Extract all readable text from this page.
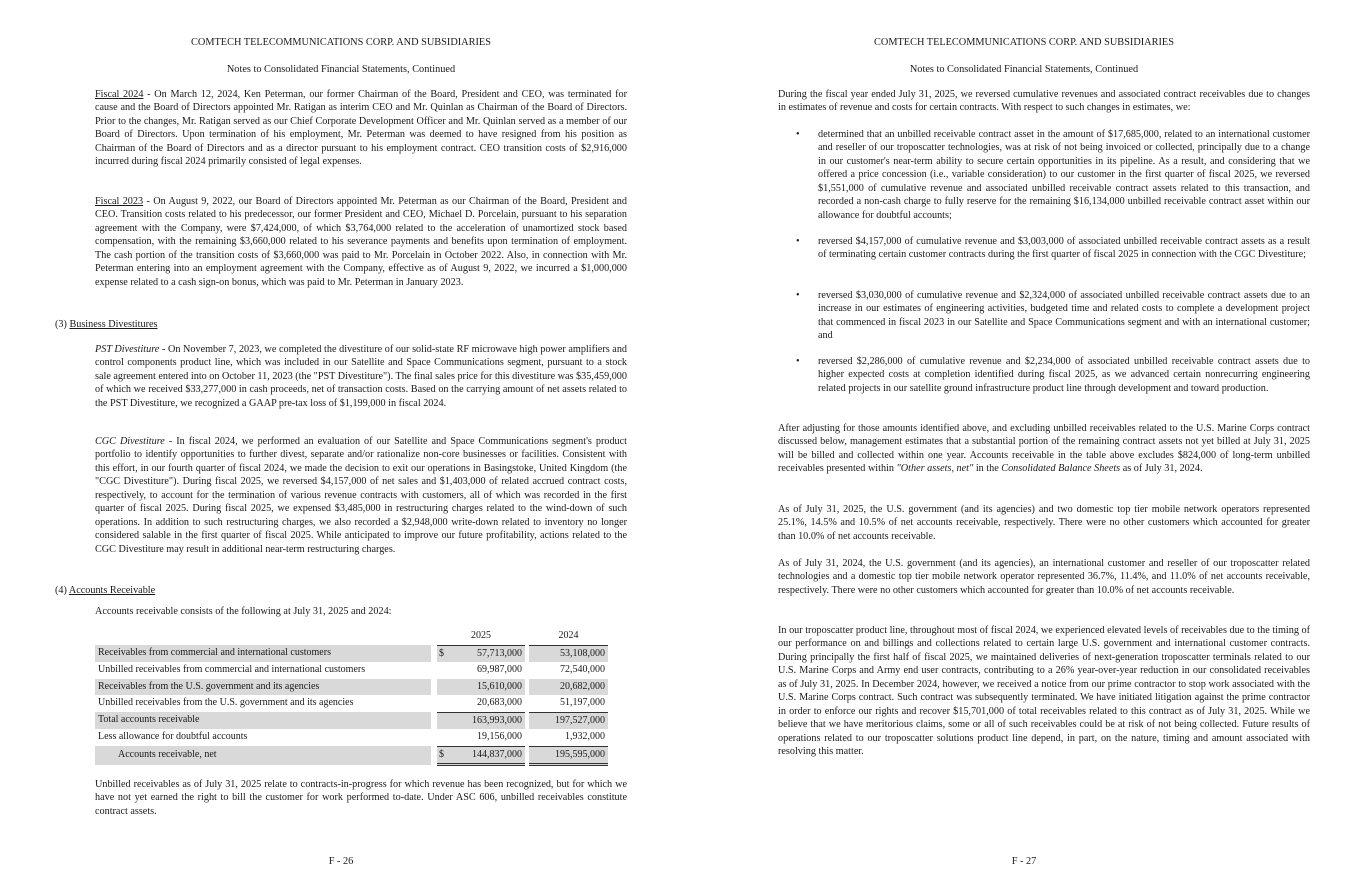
COMTECH TELECOMMUNICATIONS CORP. AND SUBSIDIARIES
Notes to Consolidated Financial Statements, Continued

Fiscal 2024 - On March 12, 2024, Ken Peterman, our former Chairman of the Board, President and CEO, was terminated for cause and the Board of Directors appointed Mr. Ratigan as interim CEO and Mr. Quinlan as Chairman of the Board of Directors. Prior to the changes, Mr. Ratigan served as our Chief Corporate Development Officer and Mr. Quinlan served as a member of our Board of Directors. Upon termination of his employment, Mr. Peterman was deemed to have resigned from his position as Chairman of the Board of Directors and as a director pursuant to his employment contract. CEO transition costs of $2,916,000 incurred during fiscal 2024 primarily consisted of legal expenses.

Fiscal 2023 - On August 9, 2022, our Board of Directors appointed Mr. Peterman as our Chairman of the Board, President and CEO. Transition costs related to his predecessor, our former President and CEO, Michael D. Porcelain, pursuant to his separation agreement with the Company, were $7,424,000, of which $3,764,000 related to the acceleration of unamortized stock based compensation, with the remaining $3,660,000 related to his severance payments and benefits upon termination of employment. The cash portion of the transition costs of $3,660,000 was paid to Mr. Porcelain in October 2022. Also, in connection with Mr. Peterman entering into an employment agreement with the Company, effective as of August 9, 2022, we incurred a $1,000,000 expense related to a cash sign-on bonus, which was paid to Mr. Peterman in January 2023.

(3) Business Divestitures

PST Divestiture - On November 7, 2023, we completed the divestiture of our solid-state RF microwave high power amplifiers and control components product line, which was included in our Satellite and Space Communications segment, pursuant to a stock sale agreement entered into on October 11, 2023 (the "PST Divestiture"). The final sales price for this divestiture was $35,459,000 of which we received $33,277,000 in cash proceeds, net of transaction costs. Based on the carrying amount of net assets related to the PST Divestiture, we recognized a GAAP pre-tax loss of $1,199,000 in fiscal 2024.

CGC Divestiture - In fiscal 2024, we performed an evaluation of our Satellite and Space Communications segment's product portfolio to identify opportunities to further divest, separate and/or rationalize non-core businesses or facilities. Consistent with this effort, in our fourth quarter of fiscal 2024, we made the decision to exit our operations in Basingstoke, United Kingdom (the "CGC Divestiture"). During fiscal 2025, we reversed $4,157,000 of net sales and $1,403,000 of related accrued contract costs, respectively, to account for the termination of various revenue contracts with customers, all of which was recorded in the first quarter of fiscal 2025. During fiscal 2025, we expensed $3,485,000 in restructuring charges related to the wind-down of such operations. In addition to such restructuring charges, we also recorded a $2,948,000 write-down related to inventory no longer considered salable in the first quarter of fiscal 2025. While anticipated to improve our future profitability, actions related to the CGC Divestiture may result in additional near-term restructuring charges.

(4) Accounts Receivable
Accounts receivable consists of the following at July 31, 2025 and 2024:
		2025			2024
Receivables from commercial and international customers		$	57,713,000		53,108,000
Unbilled receivables from commercial and international customers			69,987,000		72,540,000
Receivables from the U.S. government and its agencies			15,610,000		20,682,000
Unbilled receivables from the U.S. government and its agencies			20,683,000		51,197,000
Total accounts receivable			163,993,000		197,527,000
Less allowance for doubtful accounts			19,156,000		1,932,000
Accounts receivable, net		$	144,837,000		195,595,000
Unbilled receivables as of July 31, 2025 relate to contracts-in-progress for which revenue has been recognized, but for which we have not yet earned the right to bill the customer for work performed to-date. Under ASC 606, unbilled receivables constitute contract assets.
F - 26
COMTECH TELECOMMUNICATIONS CORP. AND SUBSIDIARIES
Notes to Consolidated Financial Statements, Continued
During the fiscal year ended July 31, 2025, we reversed cumulative revenues and associated contract receivables due to changes in estimates of revenue and costs for certain contracts. With respect to such changes in estimates, we:
• determined that an unbilled receivable contract asset in the amount of $17,685,000, related to an international customer and reseller of our troposcatter technologies, was at risk of not being invoiced or collected, principally due to a change in our customer's near-term ability to secure certain opportunities in its pipeline. As a result, and considering that we offered a price concession (i.e., variable consideration) to our customer in the first quarter of fiscal 2025, we reversed $1,551,000 of cumulative revenue and associated unbilled receivable contract assets related to this transaction, and recorded a non-cash charge to fully reserve for the remaining $16,134,000 unbilled receivable contract asset within our allowance for doubtful accounts;
• reversed $4,157,000 of cumulative revenue and $3,003,000 of associated unbilled receivable contract assets as a result of terminating certain customer contracts during the first quarter of fiscal 2025 in connection with the CGC Divestiture;
• reversed $3,030,000 of cumulative revenue and $2,324,000 of associated unbilled receivable contract assets due to an increase in our estimates of engineering activities, budgeted time and related costs to complete a development project that commenced in fiscal 2023 in our Satellite and Space Communications segment and with an international customer; and
• reversed $2,286,000 of cumulative revenue and $2,234,000 of associated unbilled receivable contract assets due to higher expected costs at completion identified during fiscal 2025, as we advanced certain nonrecurring engineering related projects in our satellite ground infrastructure product line through development and toward production.

After adjusting for those amounts identified above, and excluding unbilled receivables related to the U.S. Marine Corps contract discussed below, management estimates that a substantial portion of the remaining contract assets not yet billed at July 31, 2025 will be billed and collected within one year. Accounts receivable in the table above excludes $824,000 of long-term unbilled receivables presented within "Other assets, net" in the Consolidated Balance Sheets as of July 31, 2024.

As of July 31, 2025, the U.S. government (and its agencies) and two domestic top tier mobile network operators represented 25.1%, 14.5% and 10.5% of net accounts receivable, respectively. There were no other customers which accounted for greater than 10.0% of net accounts receivable.
As of July 31, 2024, the U.S. government (and its agencies), an international customer and reseller of our troposcatter related technologies and a domestic top tier mobile network operator represented 36.7%, 11.4%, and 11.0% of net accounts receivable, respectively. There were no other customers which accounted for greater than 10.0% of net accounts receivable.
In our troposcatter product line, throughout most of fiscal 2024, we experienced elevated levels of receivables due to the timing of our performance on and billings and collections related to certain large U.S. government and international customer contracts. During principally the first half of fiscal 2025, we maintained deliveries of next-generation troposcatter terminals related to our U.S. Marine Corps and Army end user contracts, contributing to a 26% year-over-year reduction in our consolidated receivables as of July 31, 2025. In December 2024, however, we received a notice from our prime contractor to stop work associated with the U.S. Marine Corps contract. Such contract was subsequently terminated. We have initiated litigation against the prime contractor in order to enforce our rights and recover $15,701,000 of total receivables related to this contract as of July 31, 2025. While we believe that we have meritorious claims, some or all of such receivables could be at risk of not being collected. Future results of operations related to our troposcatter solutions product line depend, in part, on the nature, timing and amount associated with resolving this matter.
F - 27
